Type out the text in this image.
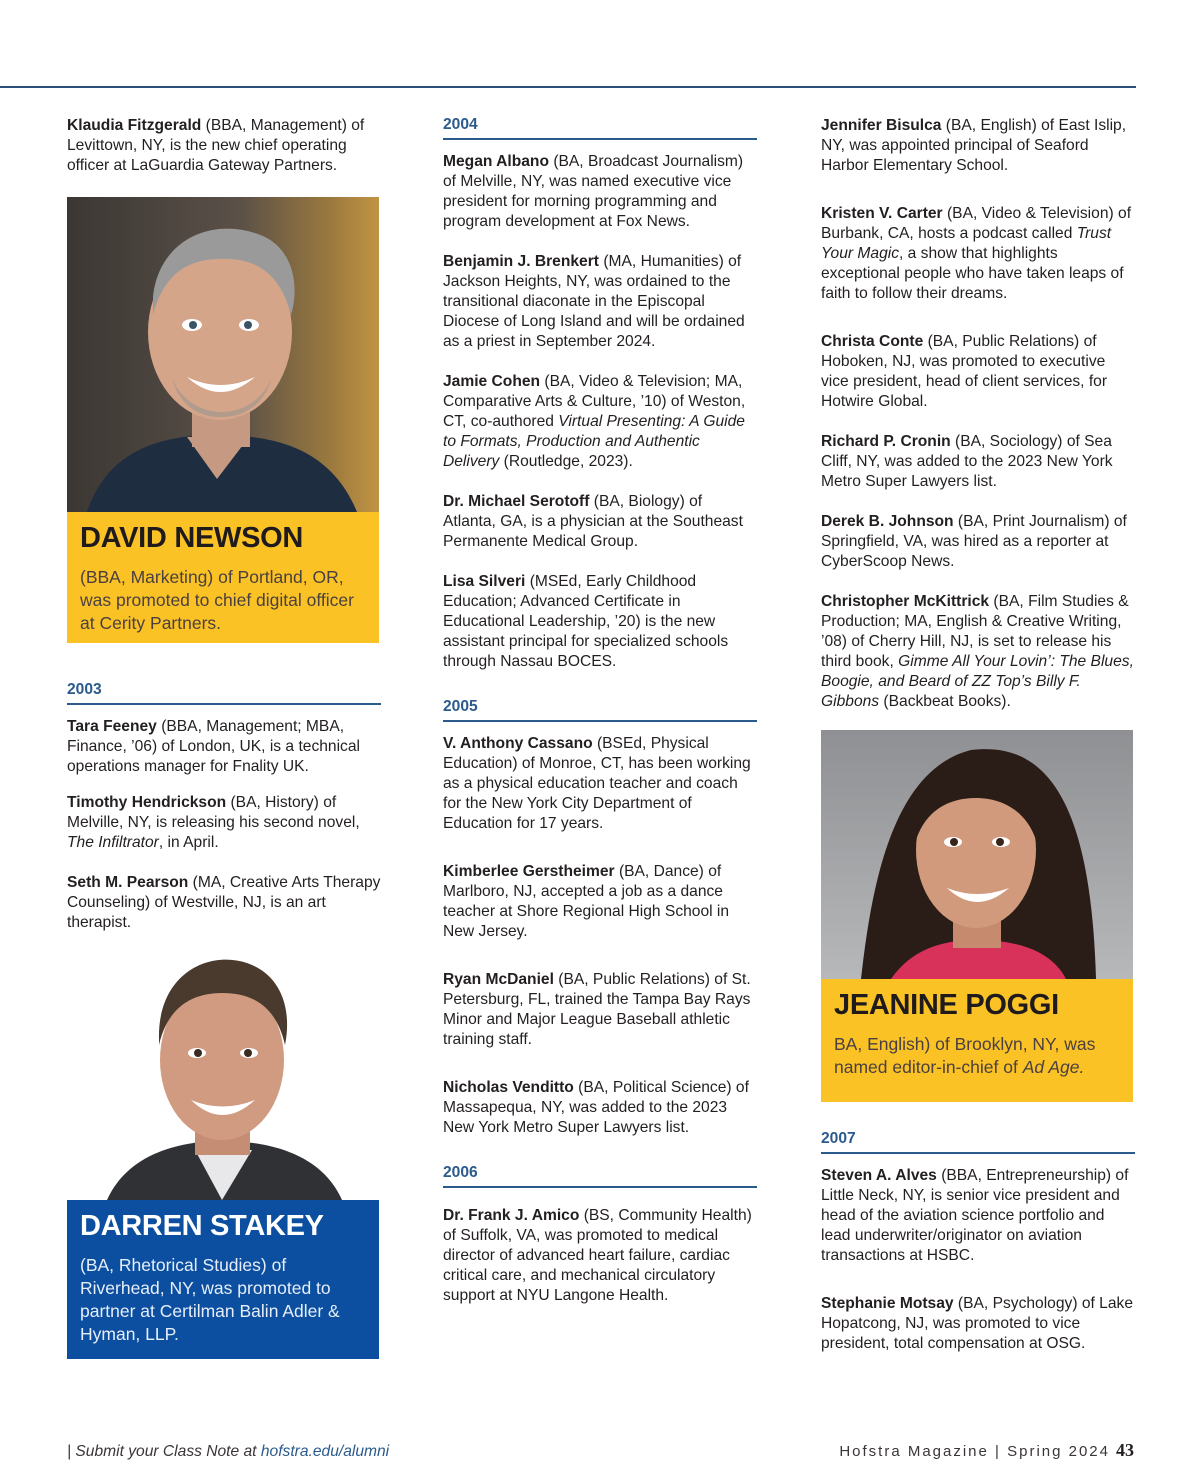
Klaudia Fitzgerald (BBA, Management) of Levittown, NY, is the new chief operating officer at LaGuardia Gateway Partners.

DAVID NEWSON
(BBA, Marketing) of Portland, OR, was promoted to chief digital officer at Cerity Partners.
2003

Tara Feeney (BBA, Management; MBA, Finance, ’06) of London, UK, is a technical operations manager for Fnality UK.

Timothy Hendrickson (BA, History) of Melville, NY, is releasing his second novel, The Infiltrator, in April.

Seth M. Pearson (MA, Creative Arts Therapy Counseling) of Westville, NJ, is an art therapist.

DARREN STAKEY
(BA, Rhetorical Studies) of Riverhead, NY, was promoted to partner at Certilman Balin Adler & Hyman, LLP.
2004

Megan Albano (BA, Broadcast Journalism) of Melville, NY, was named executive vice president for morning programming and program development at Fox News.

Benjamin J. Brenkert (MA, Humanities) of Jackson Heights, NY, was ordained to the transitional diaconate in the Episcopal Diocese of Long Island and will be ordained as a priest in September 2024.

Jamie Cohen (BA, Video & Television; MA, Comparative Arts & Culture, ’10) of Weston, CT, co-authored Virtual Presenting: A Guide to Formats, Production and Authentic Delivery (Routledge, 2023).

Dr. Michael Serotoff (BA, Biology) of Atlanta, GA, is a physician at the Southeast Permanente Medical Group.

Lisa Silveri (MSEd, Early Childhood Education; Advanced Certificate in Educational Leadership, ’20) is the new assistant principal for specialized schools through Nassau BOCES.

2005

V. Anthony Cassano (BSEd, Physical Education) of Monroe, CT, has been working as a physical education teacher and coach for the New York City Department of Education for 17 years.

Kimberlee Gerstheimer (BA, Dance) of Marlboro, NJ, accepted a job as a dance teacher at Shore Regional High School in New Jersey.

Ryan McDaniel (BA, Public Relations) of St. Petersburg, FL, trained the Tampa Bay Rays Minor and Major League Baseball athletic training staff.

Nicholas Venditto (BA, Political Science) of Massapequa, NY, was added to the 2023 New York Metro Super Lawyers list.

2006

Dr. Frank J. Amico (BS, Community Health) of Suffolk, VA, was promoted to medical director of advanced heart failure, cardiac critical care, and mechanical circulatory support at NYU Langone Health.

Jennifer Bisulca (BA, English) of East Islip, NY, was appointed principal of Seaford Harbor Elementary School.

Kristen V. Carter (BA, Video & Television) of Burbank, CA, hosts a podcast called Trust Your Magic, a show that highlights exceptional people who have taken leaps of faith to follow their dreams.

Christa Conte (BA, Public Relations) of Hoboken, NJ, was promoted to executive vice president, head of client services, for Hotwire Global.

Richard P. Cronin (BA, Sociology) of Sea Cliff, NY, was added to the 2023 New York Metro Super Lawyers list.

Derek B. Johnson (BA, Print Journalism) of Springfield, VA, was hired as a reporter at CyberScoop News.

Christopher McKittrick (BA, Film Studies & Production; MA, English & Creative Writing, ’08) of Cherry Hill, NJ, is set to release his third book, Gimme All Your Lovin’: The Blues, Boogie, and Beard of ZZ Top’s Billy F. Gibbons (Backbeat Books).

JEANINE POGGI
BA, English) of Brooklyn, NY, was named editor-in-chief of Ad Age.
2007

Steven A. Alves (BBA, Entrepreneurship) of Little Neck, NY, is senior vice president and head of the aviation science portfolio and lead underwriter/originator on aviation transactions at HSBC.

Stephanie Motsay (BA, Psychology) of Lake Hopatcong, NJ, was promoted to vice president, total compensation at OSG.

| Submit your Class Note at hofstra.edu/alumni	Hofstra Magazine | Spring 2024 43
